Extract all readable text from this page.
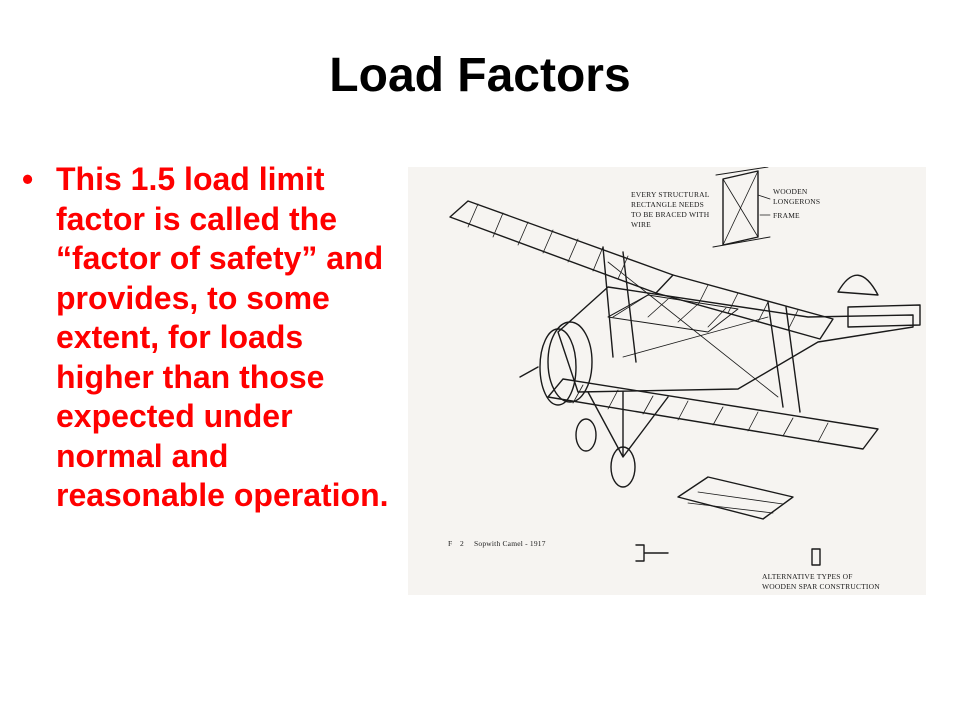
Load Factors
• This 1.5 load limit
factor is called the
“factor of safety” and
provides, to some
extent, for loads
higher than those
expected under
normal and
reasonable operation.
EVERY STRUCTURAL
RECTANGLE NEEDS
TO BE BRACED WITH
WIRE
WOODEN
LONGERONS
FRAME
F 2 Sopwith Camel - 1917
ALTERNATIVE TYPES OF
WOODEN SPAR CONSTRUCTION
